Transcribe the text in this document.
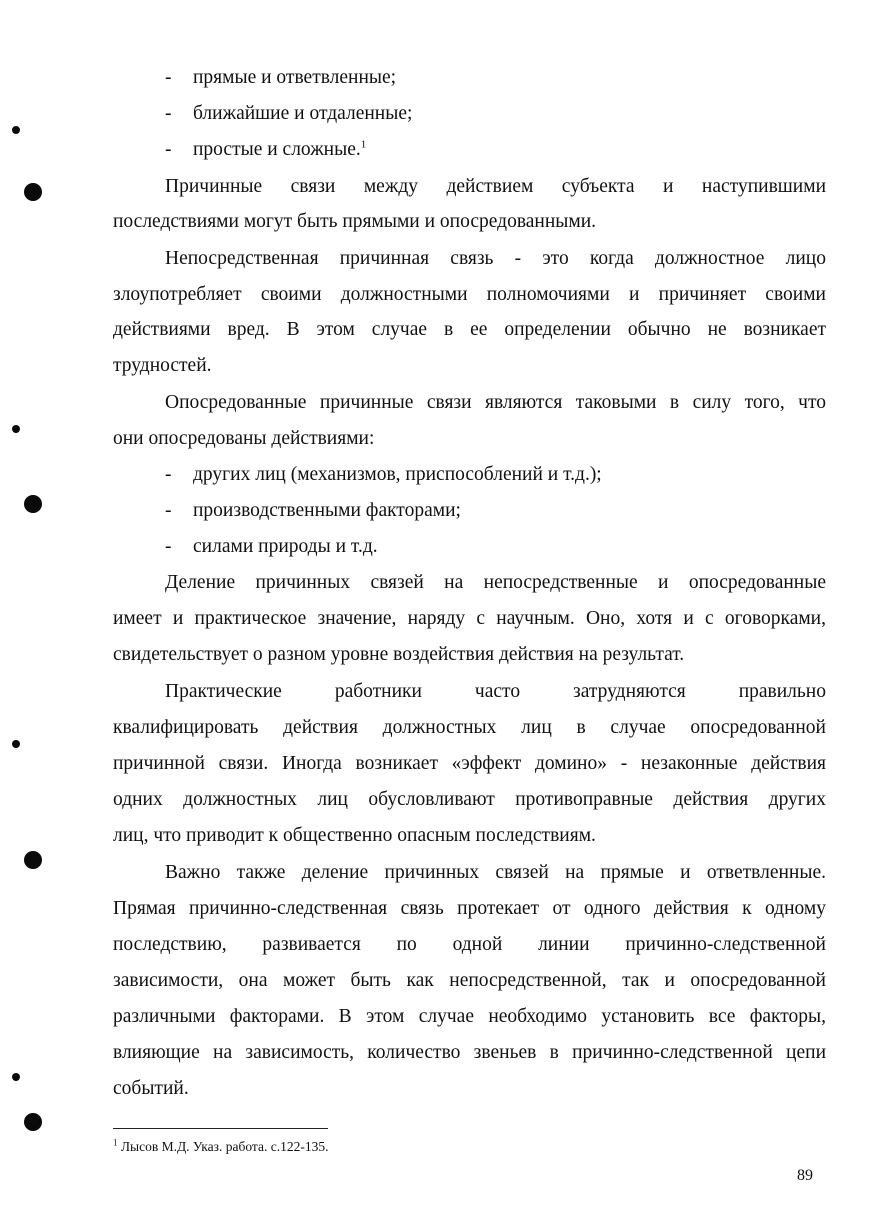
- прямые и ответвленные;
- ближайшие и отдаленные;
- простые и сложные.$^1$
Причинные связи между действием субъекта и наступившими
последствиями могут быть прямыми и опосредованными.
Непосредственная причинная связь - это когда должностное лицо
злоупотребляет своими должностными полномочиями и причиняет своими
действиями вред. В этом случае в ее определении обычно не возникает
трудностей.
Опосредованные причинные связи являются таковыми в силу того, что
они опосредованы действиями:
- других лиц (механизмов, приспособлений и т.д.);
- производственными факторами;
- силами природы и т.д.
Деление причинных связей на непосредственные и опосредованные
имеет и практическое значение, наряду с научным. Оно, хотя и с оговорками,
свидетельствует о разном уровне воздействия действия на результат.
Практические работники часто затрудняются правильно
квалифицировать действия должностных лиц в случае опосредованной
причинной связи. Иногда возникает «эффект домино» - незаконные действия
одних должностных лиц обусловливают противоправные действия других
лиц, что приводит к общественно опасным последствиям.
Важно также деление причинных связей на прямые и ответвленные.
Прямая причинно-следственная связь протекает от одного действия к одному
последствию, развивается по одной линии причинно-следственной
зависимости, она может быть как непосредственной, так и опосредованной
различными факторами. В этом случае необходимо установить все факторы,
влияющие на зависимость, количество звеньев в причинно-следственной цепи
событий.
$^1$ Лысов М.Д. Указ. работа. с.122-135.
89
